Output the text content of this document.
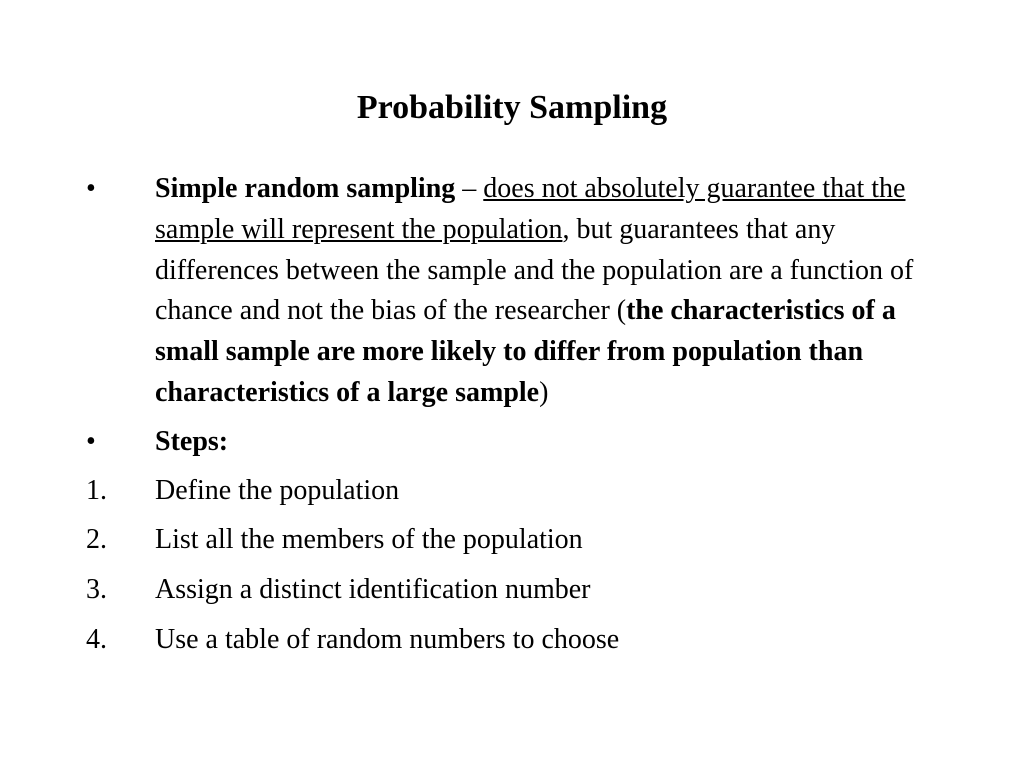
Probability Sampling
• Simple random sampling – does not absolutely guarantee that the sample will represent the population, but guarantees that any differences between the sample and the population are a function of chance and not the bias of the researcher (the characteristics of a small sample are more likely to differ from population than characteristics of a large sample)
• Steps:
1. Define the population
2. List all the members of the population
3. Assign a distinct identification number
4. Use a table of random numbers to choose
